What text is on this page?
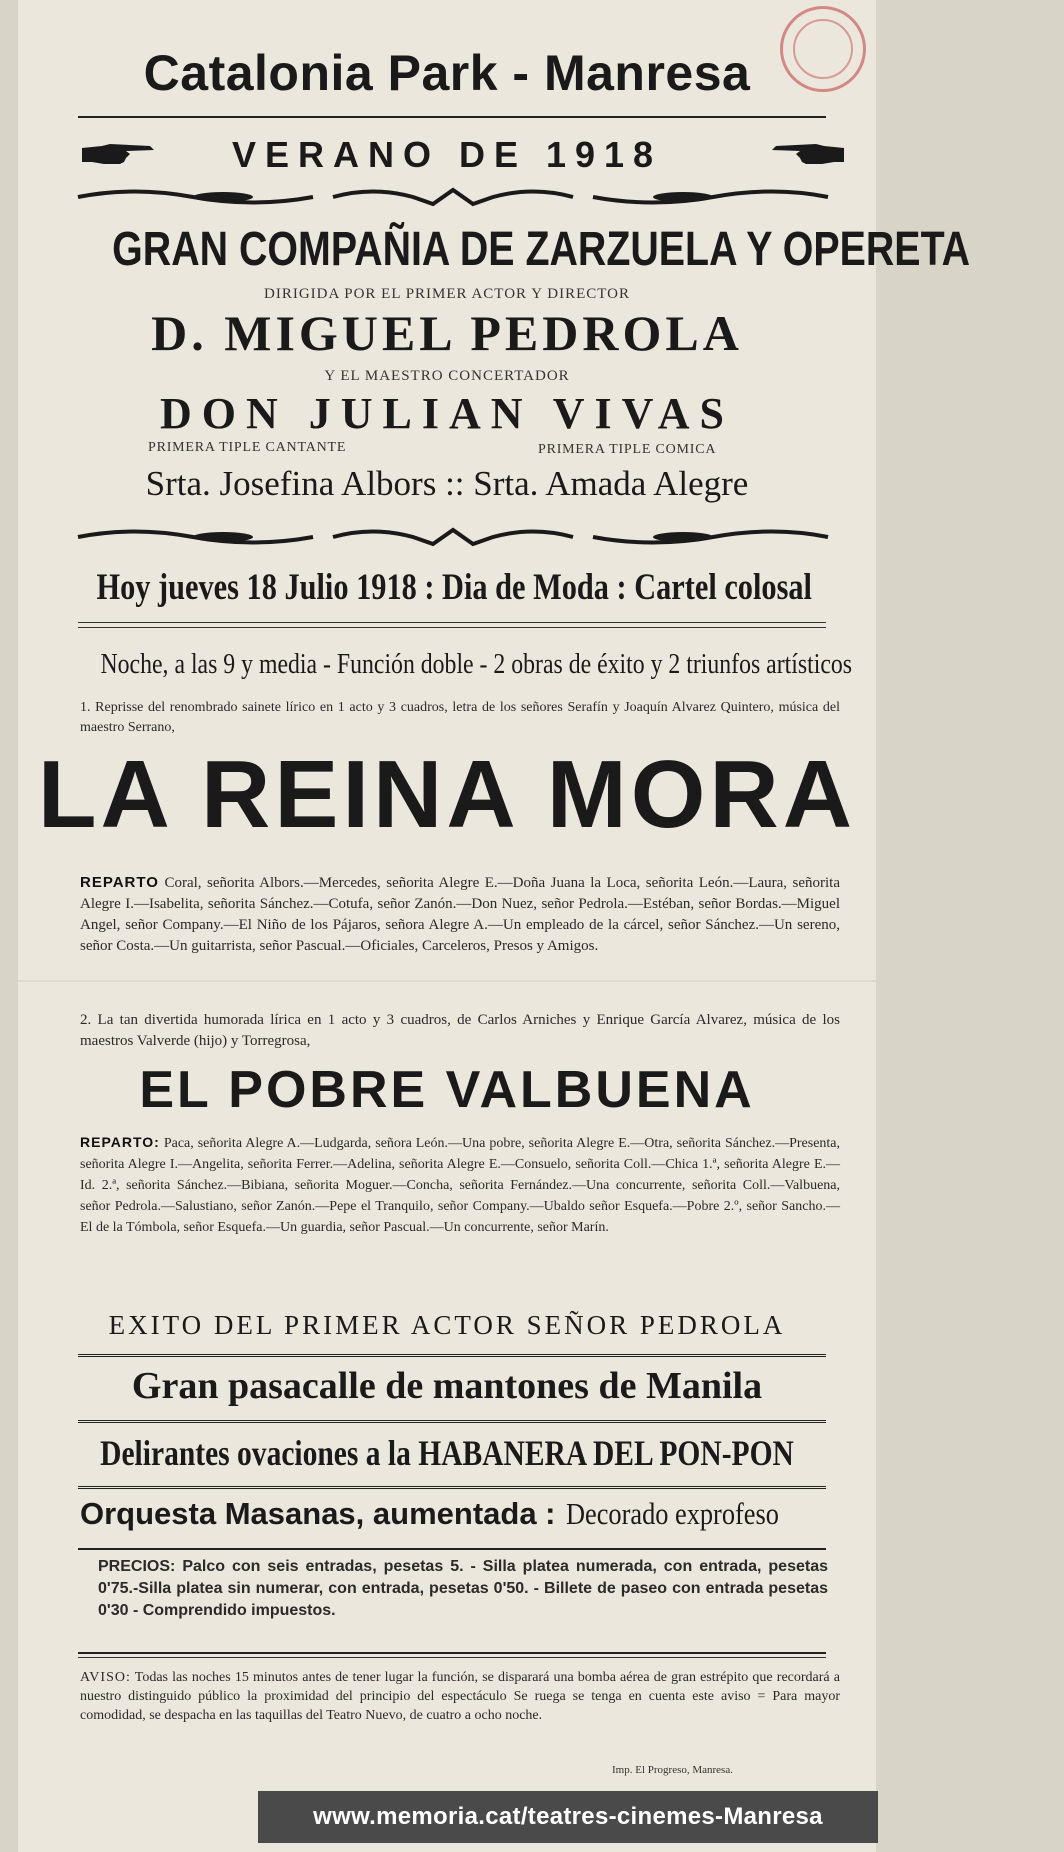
Catalonia Park - Manresa
VERANO DE 1918
GRAN COMPAÑIA DE ZARZUELA Y OPERETA
DIRIGIDA POR EL PRIMER ACTOR Y DIRECTOR
D. MIGUEL PEDROLA
Y EL MAESTRO CONCERTADOR
DON JULIAN VIVAS
PRIMERA TIPLE CANTANTE	PRIMERA TIPLE COMICA
Srta. Josefina Albors :: Srta. Amada Alegre
Hoy jueves 18 Julio 1918 : Dia de Moda : Cartel colosal
Noche, a las 9 y media - Función doble - 2 obras de éxito y 2 triunfos artísticos
1. Reprisse del renombrado sainete lírico en 1 acto y 3 cuadros, letra de los señores Serafín y Joaquín Alvarez Quintero, música del maestro Serrano,
LA REINA MORA
REPARTO Coral, señorita Albors.—Mercedes, señorita Alegre E.—Doña Juana la Loca, señorita León.—Laura, señorita Alegre I.—Isabelita, señorita Sánchez.—Cotufa, señor Zanón.—Don Nuez, señor Pedrola.—Estéban, señor Bordas.—Miguel Angel, señor Company.—El Niño de los Pájaros, señora Alegre A.—Un empleado de la cárcel, señor Sánchez.—Un sereno, señor Costa.—Un guitarrista, señor Pascual.—Oficiales, Carceleros, Presos y Amigos.
2. La tan divertida humorada lírica en 1 acto y 3 cuadros, de Carlos Arniches y Enrique García Alvarez, música de los maestros Valverde (hijo) y Torregrosa,
EL POBRE VALBUENA
REPARTO: Paca, señorita Alegre A.—Ludgarda, señora León.—Una pobre, señorita Alegre E.—Otra, señorita Sánchez.—Presenta, señorita Alegre I.—Angelita, señorita Ferrer.—Adelina, señorita Alegre E.—Consuelo, señorita Coll.—Chica 1.ª, señorita Alegre E.—Id. 2.ª, señorita Sánchez.—Bibiana, señorita Moguer.—Concha, señorita Fernández.—Una concurrente, señorita Coll.—Valbuena, señor Pedrola.—Salustiano, señor Zanón.—Pepe el Tranquilo, señor Company.—Ubaldo señor Esquefa.—Pobre 2.º, señor Sancho.—El de la Tómbola, señor Esquefa.—Un guardia, señor Pascual.—Un concurrente, señor Marín.
EXITO DEL PRIMER ACTOR SEÑOR PEDROLA
Gran pasacalle de mantones de Manila
Delirantes ovaciones a la HABANERA DEL PON-PON
Orquesta Masanas, aumentada : Decorado exprofeso
PRECIOS: Palco con seis entradas, pesetas 5. - Silla platea numerada, con entrada, pesetas 0'75.-Silla platea sin numerar, con entrada, pesetas 0'50. - Billete de paseo con entrada pesetas 0'30 - Comprendido impuestos.
AVISO: Todas las noches 15 minutos antes de tener lugar la función, se disparará una bomba aérea de gran estrépito que recordará a nuestro distinguido público la proximidad del principio del espectáculo Se ruega se tenga en cuenta este aviso = Para mayor comodidad, se despacha en las taquillas del Teatro Nuevo, de cuatro a ocho noche.
Imp. El Progreso, Manresa.
www.memoria.cat/teatres-cinemes-Manresa
